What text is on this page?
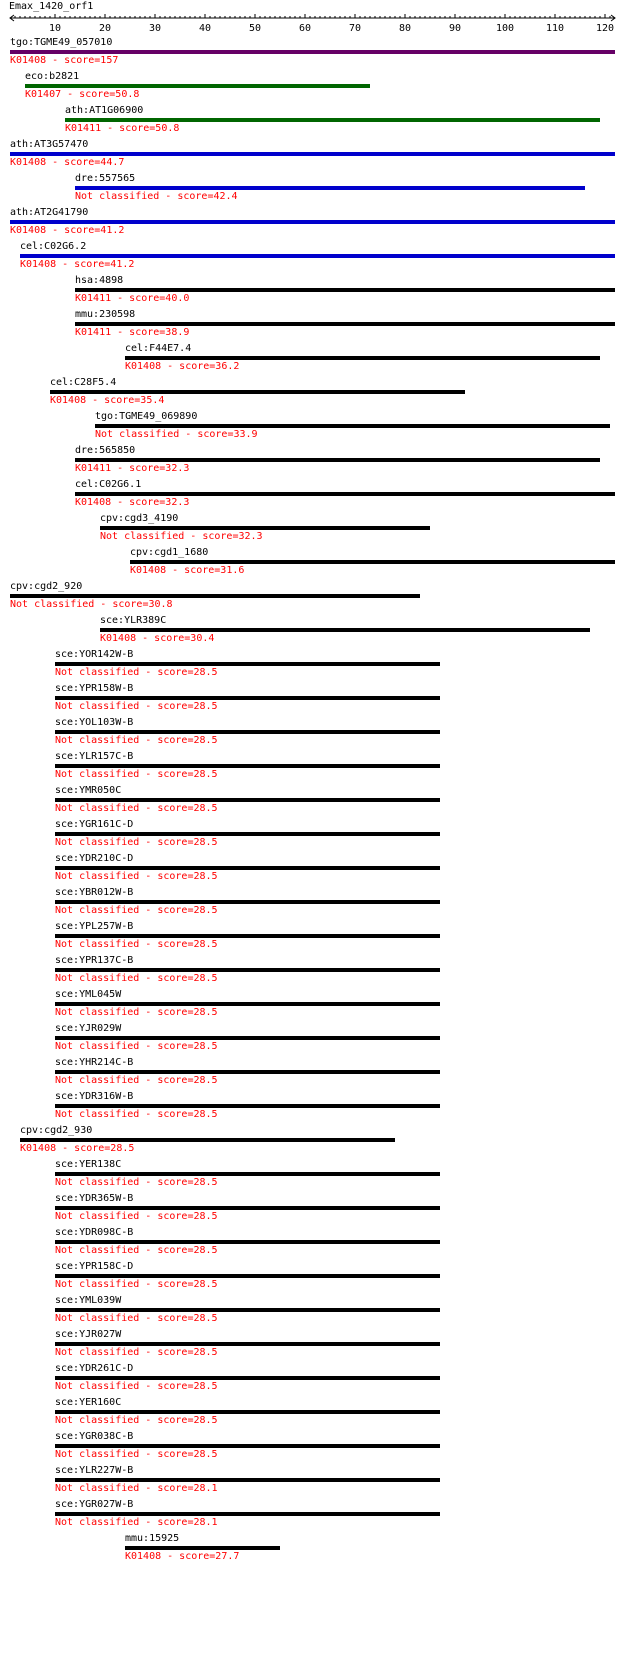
Emax_1420_orf1
10	20	30	40	50	60	70	80	90	100	110	120
tgo:TGME49_057010
K01408 - score=157
eco:b2821
K01407 - score=50.8
ath:AT1G06900
K01411 - score=50.8
ath:AT3G57470
K01408 - score=44.7
dre:557565
Not classified - score=42.4
ath:AT2G41790
K01408 - score=41.2
cel:C02G6.2
K01408 - score=41.2
hsa:4898
K01411 - score=40.0
mmu:230598
K01411 - score=38.9
cel:F44E7.4
K01408 - score=36.2
cel:C28F5.4
K01408 - score=35.4
tgo:TGME49_069890
Not classified - score=33.9
dre:565850
K01411 - score=32.3
cel:C02G6.1
K01408 - score=32.3
cpv:cgd3_4190
Not classified - score=32.3
cpv:cgd1_1680
K01408 - score=31.6
cpv:cgd2_920
Not classified - score=30.8
sce:YLR389C
K01408 - score=30.4
sce:YOR142W-B
Not classified - score=28.5
sce:YPR158W-B
Not classified - score=28.5
sce:YOL103W-B
Not classified - score=28.5
sce:YLR157C-B
Not classified - score=28.5
sce:YMR050C
Not classified - score=28.5
sce:YGR161C-D
Not classified - score=28.5
sce:YDR210C-D
Not classified - score=28.5
sce:YBR012W-B
Not classified - score=28.5
sce:YPL257W-B
Not classified - score=28.5
sce:YPR137C-B
Not classified - score=28.5
sce:YML045W
Not classified - score=28.5
sce:YJR029W
Not classified - score=28.5
sce:YHR214C-B
Not classified - score=28.5
sce:YDR316W-B
Not classified - score=28.5
cpv:cgd2_930
K01408 - score=28.5
sce:YER138C
Not classified - score=28.5
sce:YDR365W-B
Not classified - score=28.5
sce:YDR098C-B
Not classified - score=28.5
sce:YPR158C-D
Not classified - score=28.5
sce:YML039W
Not classified - score=28.5
sce:YJR027W
Not classified - score=28.5
sce:YDR261C-D
Not classified - score=28.5
sce:YER160C
Not classified - score=28.5
sce:YGR038C-B
Not classified - score=28.5
sce:YLR227W-B
Not classified - score=28.1
sce:YGR027W-B
Not classified - score=28.1
mmu:15925
K01408 - score=27.7
